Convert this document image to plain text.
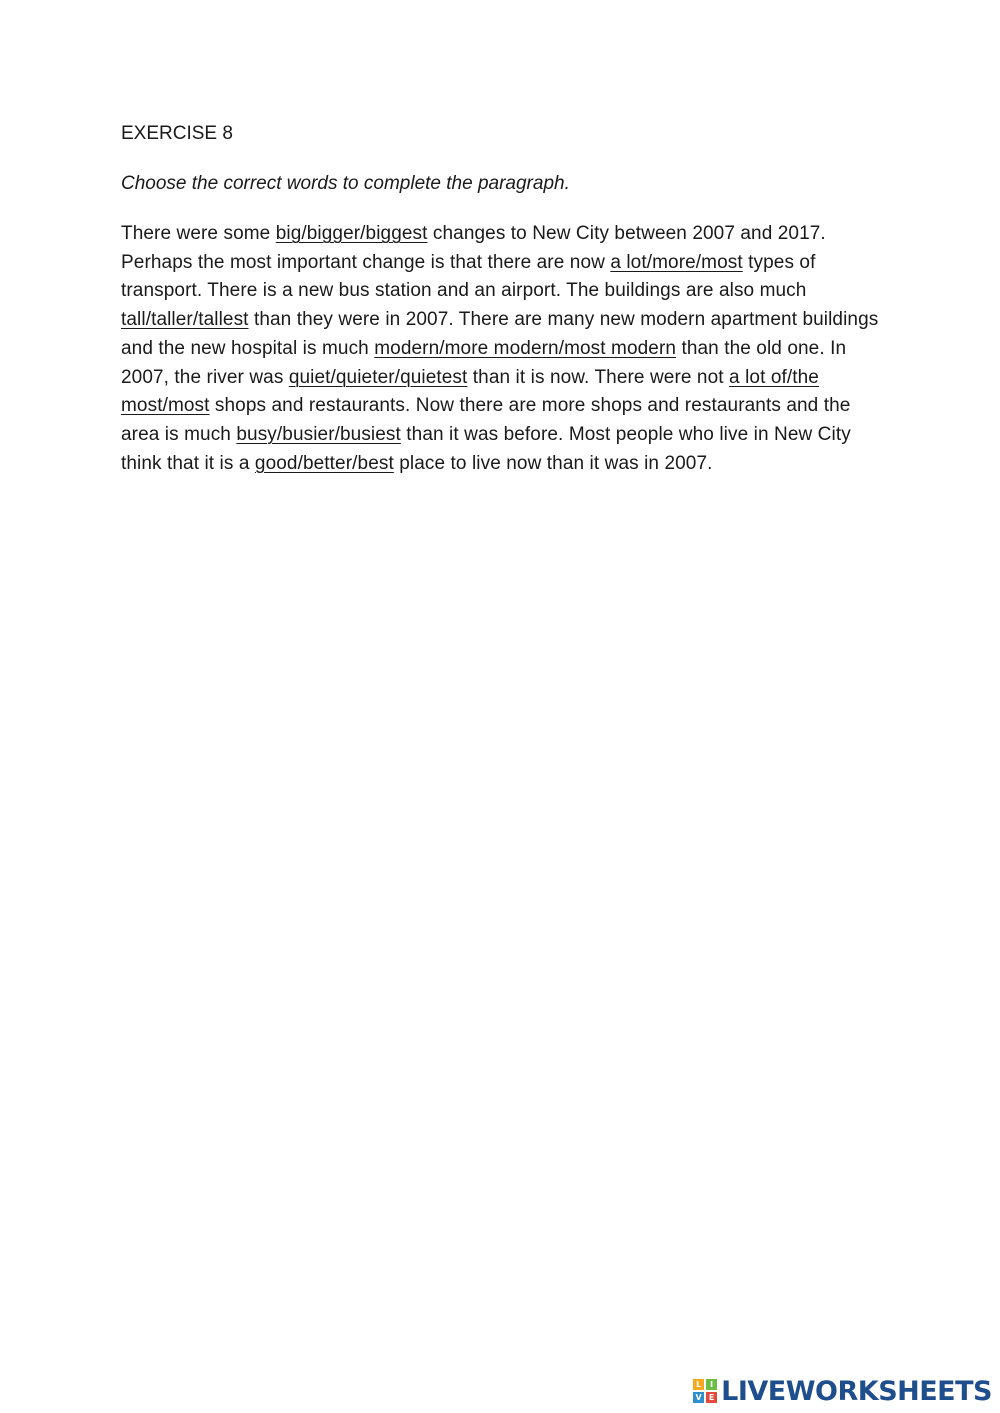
EXERCISE 8
Choose the correct words to complete the paragraph.

There were some big/bigger/biggest changes to New City between 2007 and 2017. Perhaps the most important change is that there are now a lot/more/most types of transport. There is a new bus station and an airport. The buildings are also much tall/taller/tallest than they were in 2007. There are many new modern apartment buildings and the new hospital is much modern/more modern/most modern than the old one. In 2007, the river was quiet/quieter/quietest than it is now. There were not a lot of/the most/most shops and restaurants. Now there are more shops and restaurants and the area is much busy/busier/busiest than it was before. Most people who live in New City think that it is a good/better/best place to live now than it was in 2007.

L	I
V E LIVEWORKSHEETS
